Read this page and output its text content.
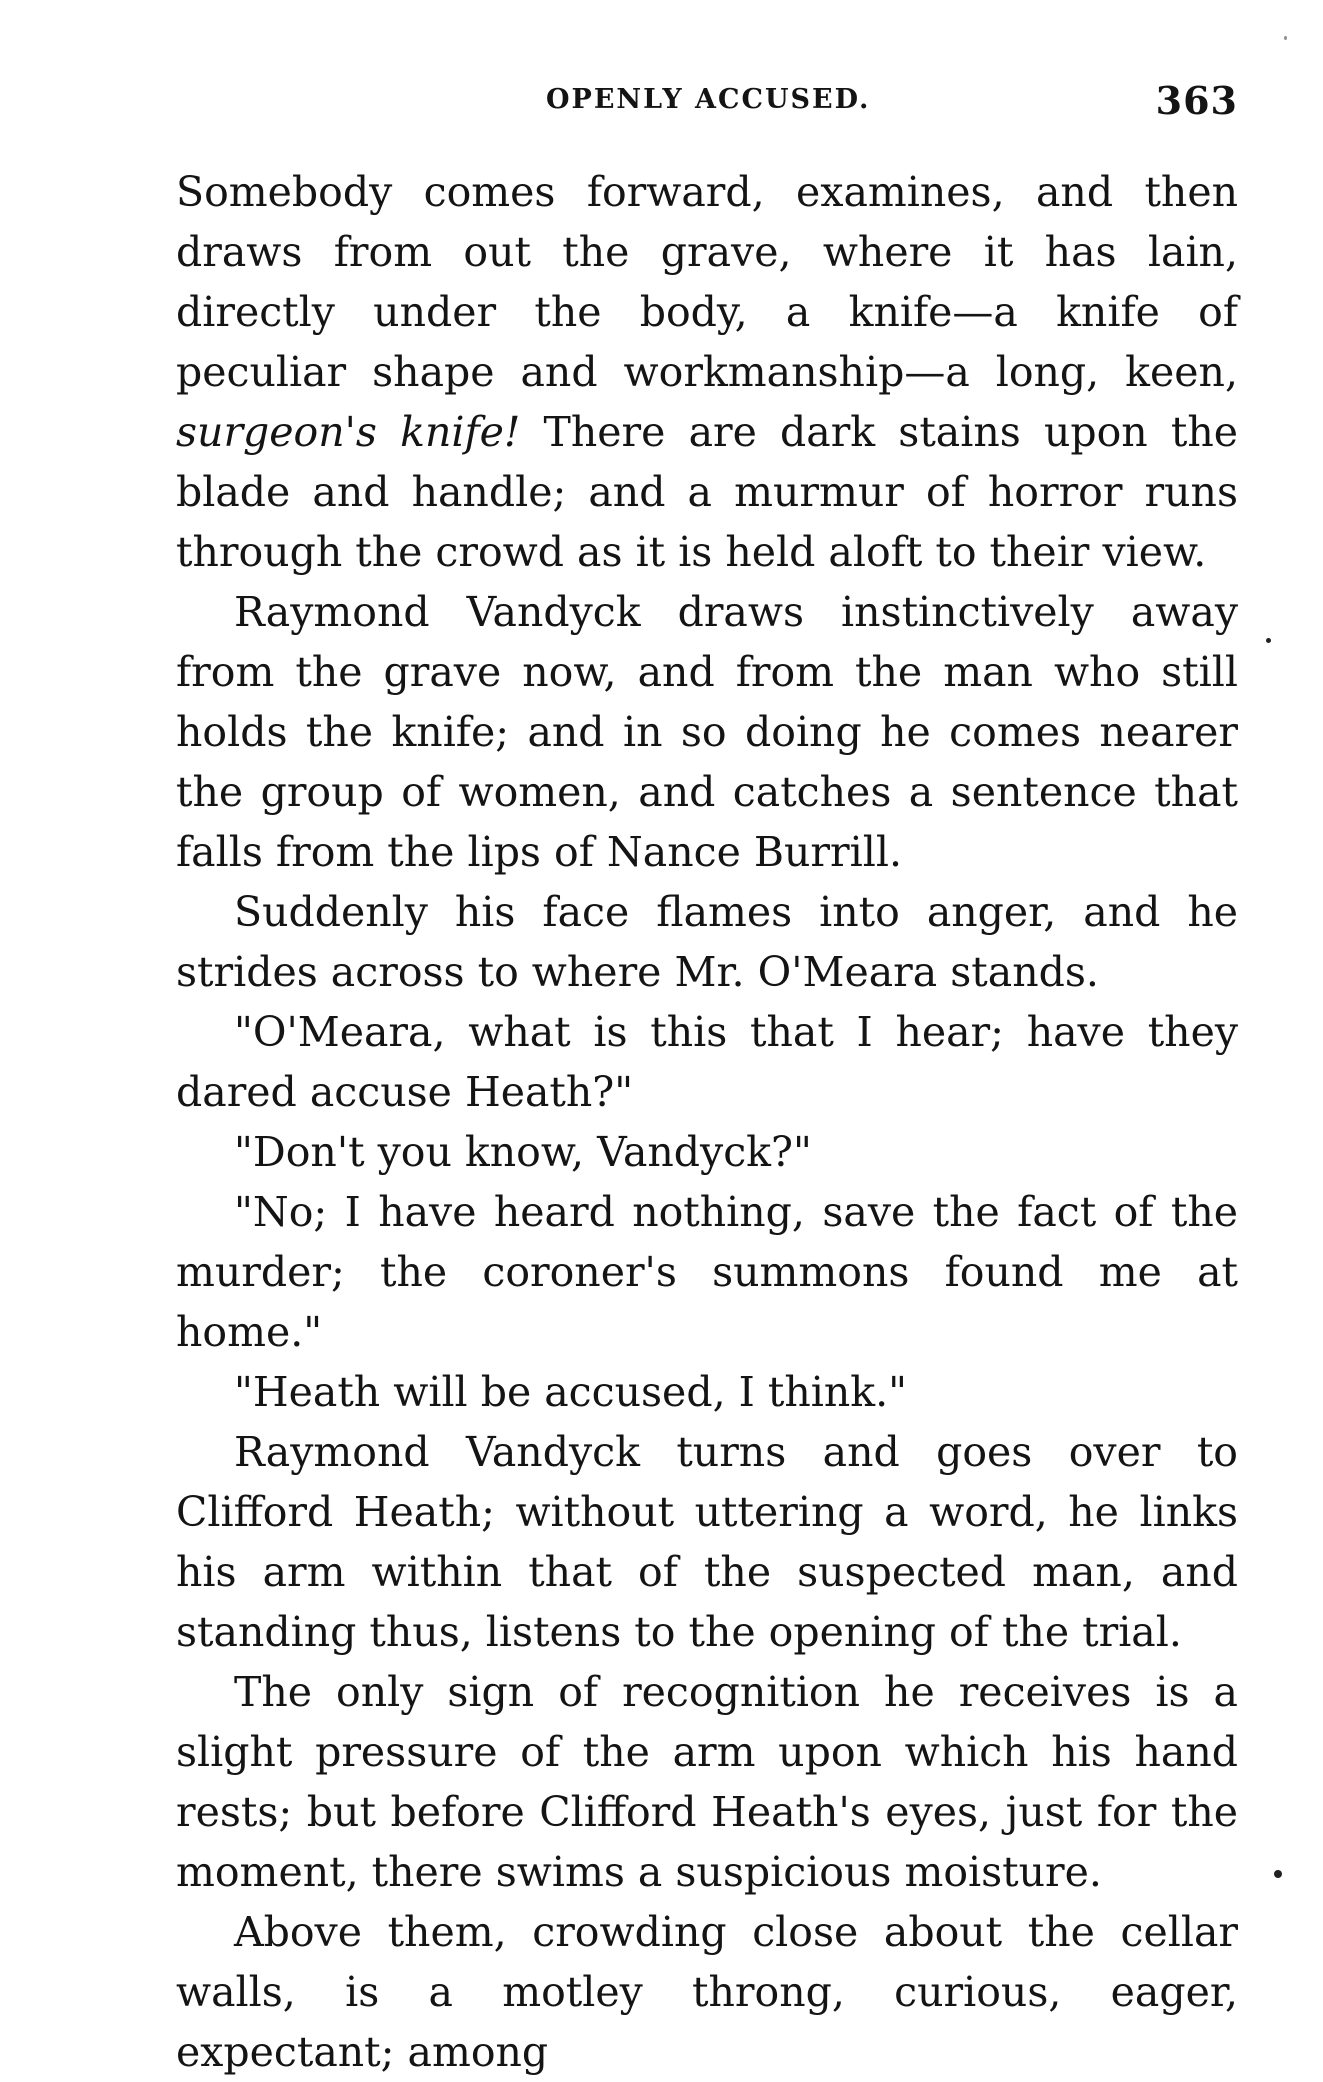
OPENLY ACCUSED.	363

Somebody comes forward, examines, and then draws from out the grave, where it has lain, directly under the body, a knife—a knife of peculiar shape and workmanship—a long, keen, surgeon's knife! There are dark stains upon the blade and handle; and a murmur of horror runs through the crowd as it is held aloft to their view.

Raymond Vandyck draws instinctively away from the grave now, and from the man who still holds the knife; and in so doing he comes nearer the group of women, and catches a sentence that falls from the lips of Nance Burrill.

Suddenly his face flames into anger, and he strides across to where Mr. O'Meara stands.

"O'Meara, what is this that I hear; have they dared accuse Heath?"

"Don't you know, Vandyck?"

"No; I have heard nothing, save the fact of the murder; the coroner's summons found me at home."

"Heath will be accused, I think."

Raymond Vandyck turns and goes over to Clifford Heath; without uttering a word, he links his arm within that of the suspected man, and standing thus, listens to the opening of the trial.

The only sign of recognition he receives is a slight pressure of the arm upon which his hand rests; but before Clifford Heath's eyes, just for the moment, there swims a suspicious moisture.

Above them, crowding close about the cellar walls, is a motley throng, curious, eager, expectant; among
